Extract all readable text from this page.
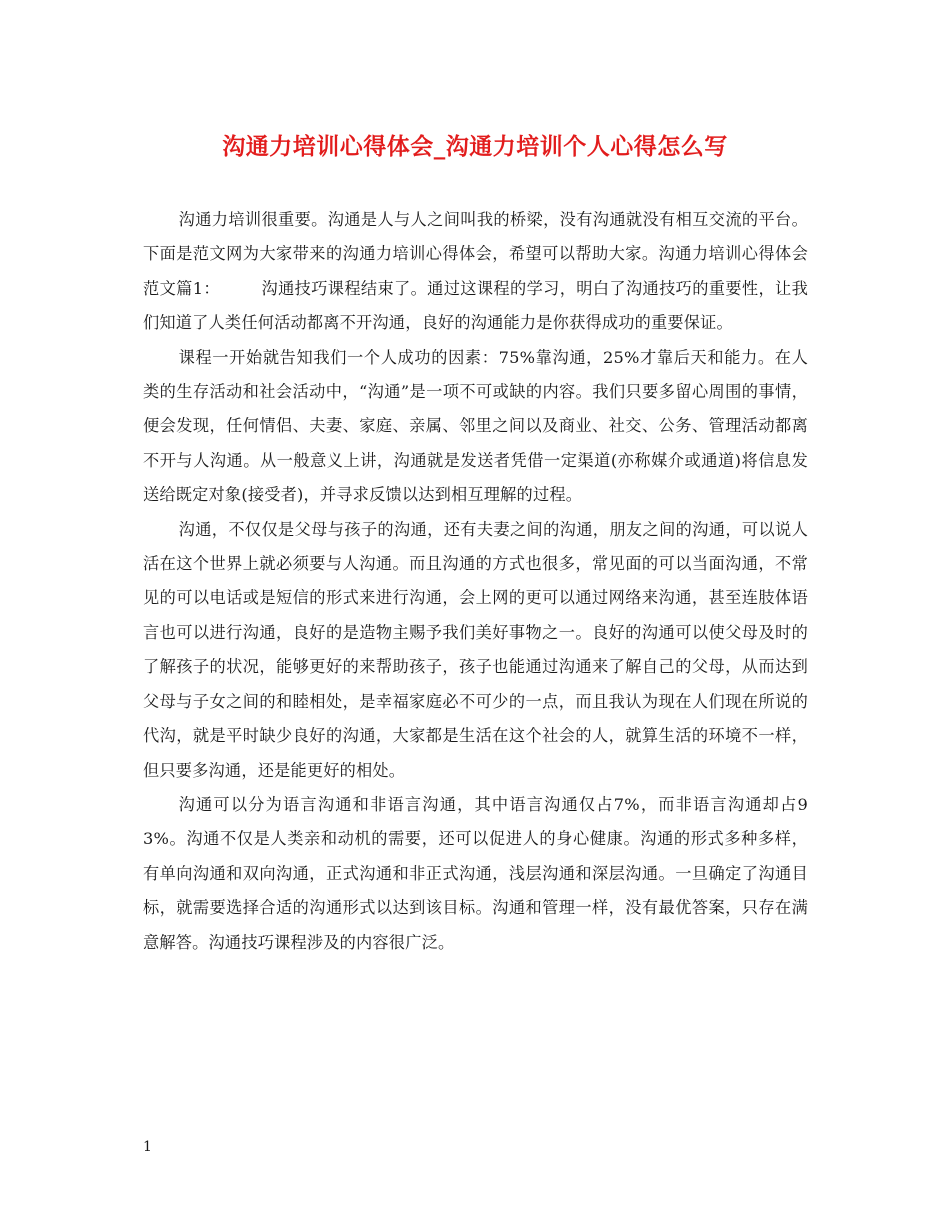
沟通力培训心得体会_沟通力培训个人心得怎么写

沟通力培训很重要。沟通是人与人之间叫我的桥梁，没有沟通就没有相互交流的平台。下面是范文网为大家带来的沟通力培训心得体会，希望可以帮助大家。沟通力培训心得体会范文篇1：　　　沟通技巧课程结束了。通过这课程的学习，明白了沟通技巧的重要性，让我们知道了人类任何活动都离不开沟通，良好的沟通能力是你获得成功的重要保证。

课程一开始就告知我们一个人成功的因素：75%靠沟通，25%才靠后天和能力。在人类的生存活动和社会活动中，“沟通”是一项不可或缺的内容。我们只要多留心周围的事情，便会发现，任何情侣、夫妻、家庭、亲属、邻里之间以及商业、社交、公务、管理活动都离不开与人沟通。从一般意义上讲，沟通就是发送者凭借一定渠道(亦称媒介或通道)将信息发送给既定对象(接受者)，并寻求反馈以达到相互理解的过程。

沟通，不仅仅是父母与孩子的沟通，还有夫妻之间的沟通，朋友之间的沟通，可以说人活在这个世界上就必须要与人沟通。而且沟通的方式也很多，常见面的可以当面沟通，不常见的可以电话或是短信的形式来进行沟通，会上网的更可以通过网络来沟通，甚至连肢体语言也可以进行沟通，良好的是造物主赐予我们美好事物之一。良好的沟通可以使父母及时的了解孩子的状况，能够更好的来帮助孩子，孩子也能通过沟通来了解自己的父母，从而达到父母与子女之间的和睦相处，是幸福家庭必不可少的一点，而且我认为现在人们现在所说的代沟，就是平时缺少良好的沟通，大家都是生活在这个社会的人，就算生活的环境不一样，但只要多沟通，还是能更好的相处。

沟通可以分为语言沟通和非语言沟通，其中语言沟通仅占7%，而非语言沟通却占93%。沟通不仅是人类亲和动机的需要，还可以促进人的身心健康。沟通的形式多种多样，有单向沟通和双向沟通，正式沟通和非正式沟通，浅层沟通和深层沟通。一旦确定了沟通目标，就需要选择合适的沟通形式以达到该目标。沟通和管理一样，没有最优答案，只存在满意解答。沟通技巧课程涉及的内容很广泛。

1
